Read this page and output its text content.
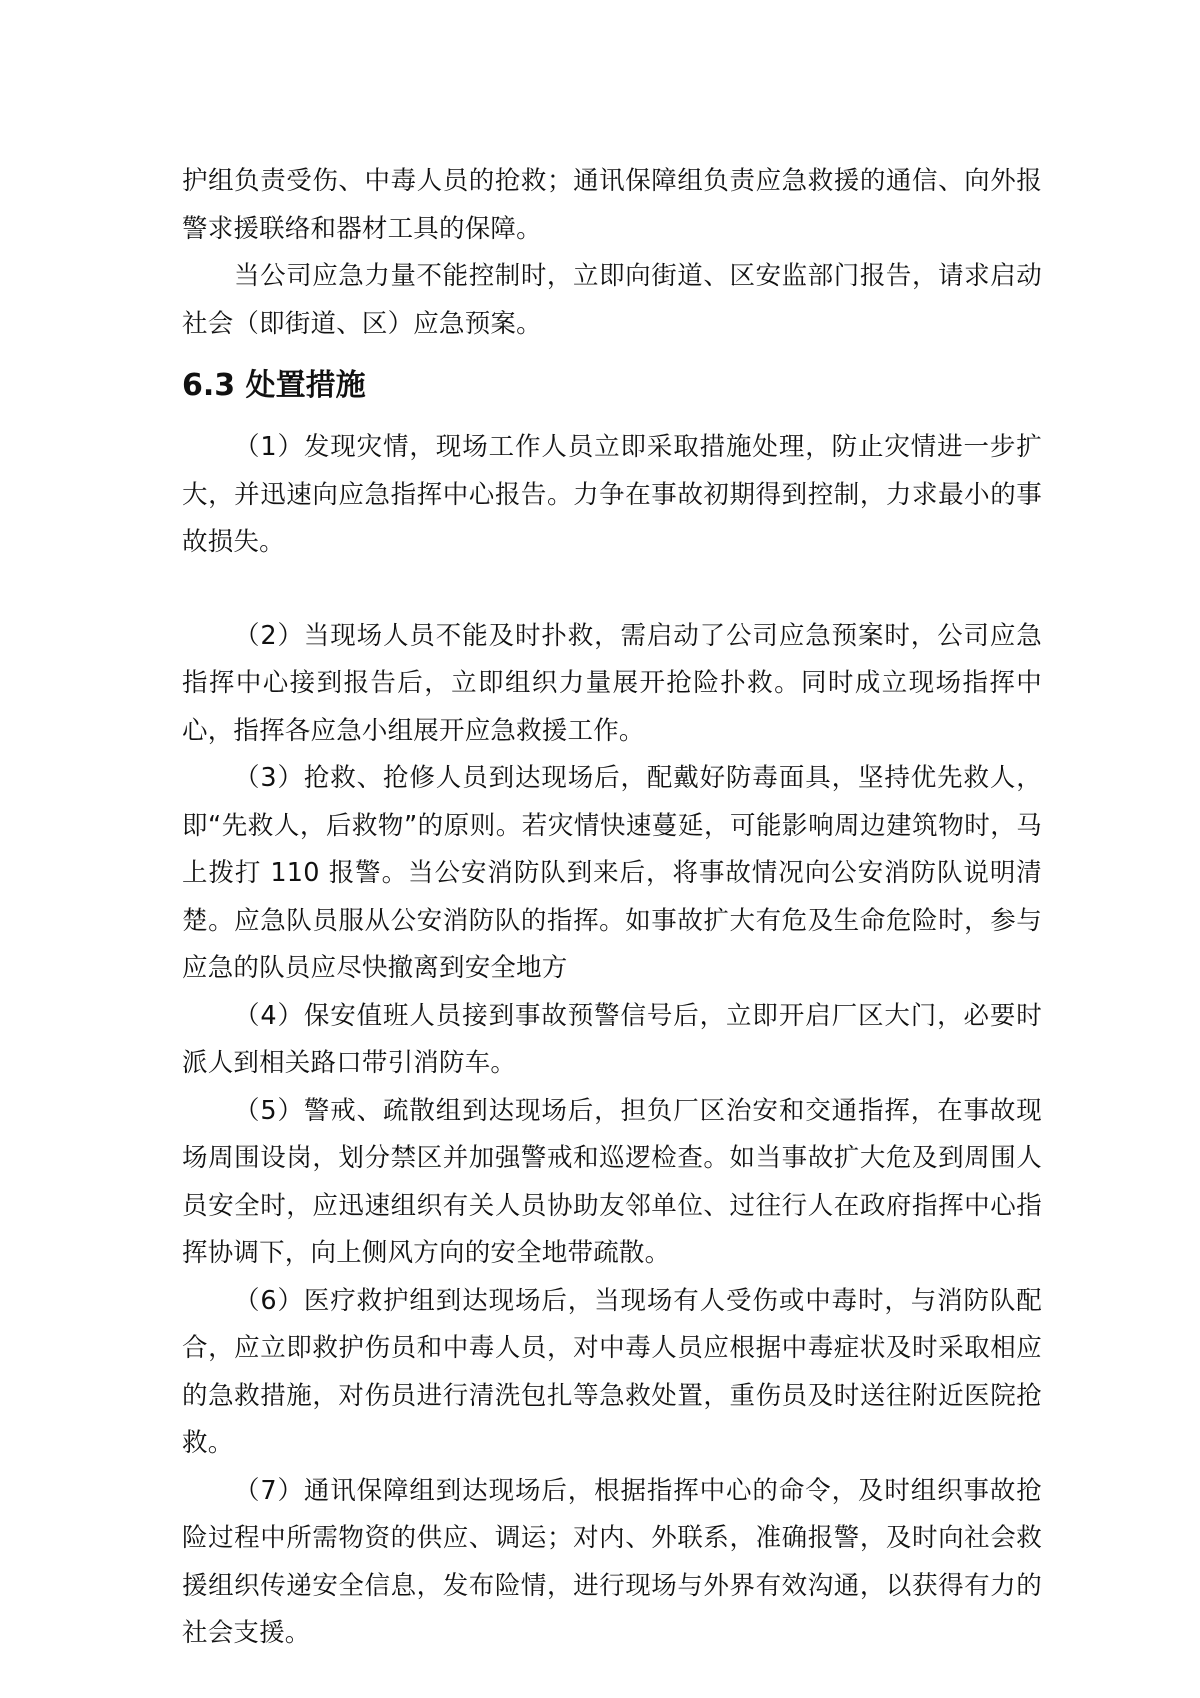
护组负责受伤、中毒人员的抢救；通讯保障组负责应急救援的通信、向外报警求援联络和器材工具的保障。

当公司应急力量不能控制时，立即向街道、区安监部门报告，请求启动社会（即街道、区）应急预案。

6.3 处置措施

（1）发现灾情，现场工作人员立即采取措施处理，防止灾情进一步扩大，并迅速向应急指挥中心报告。力争在事故初期得到控制，力求最小的事故损失。

（2）当现场人员不能及时扑救，需启动了公司应急预案时，公司应急指挥中心接到报告后，立即组织力量展开抢险扑救。同时成立现场指挥中心，指挥各应急小组展开应急救援工作。

（3）抢救、抢修人员到达现场后，配戴好防毒面具，坚持优先救人，即“先救人，后救物”的原则。若灾情快速蔓延，可能影响周边建筑物时，马上拨打 110 报警。当公安消防队到来后，将事故情况向公安消防队说明清楚。应急队员服从公安消防队的指挥。如事故扩大有危及生命危险时，参与应急的队员应尽快撤离到安全地方

（4）保安值班人员接到事故预警信号后，立即开启厂区大门，必要时派人到相关路口带引消防车。

（5）警戒、疏散组到达现场后，担负厂区治安和交通指挥，在事故现场周围设岗，划分禁区并加强警戒和巡逻检查。如当事故扩大危及到周围人员安全时，应迅速组织有关人员协助友邻单位、过往行人在政府指挥中心指挥协调下，向上侧风方向的安全地带疏散。

（6）医疗救护组到达现场后，当现场有人受伤或中毒时，与消防队配合，应立即救护伤员和中毒人员，对中毒人员应根据中毒症状及时采取相应的急救措施，对伤员进行清洗包扎等急救处置，重伤员及时送往附近医院抢救。

（7）通讯保障组到达现场后，根据指挥中心的命令，及时组织事故抢险过程中所需物资的供应、调运；对内、外联系，准确报警，及时向社会救援组织传递安全信息，发布险情，进行现场与外界有效沟通，以获得有力的社会支援。
